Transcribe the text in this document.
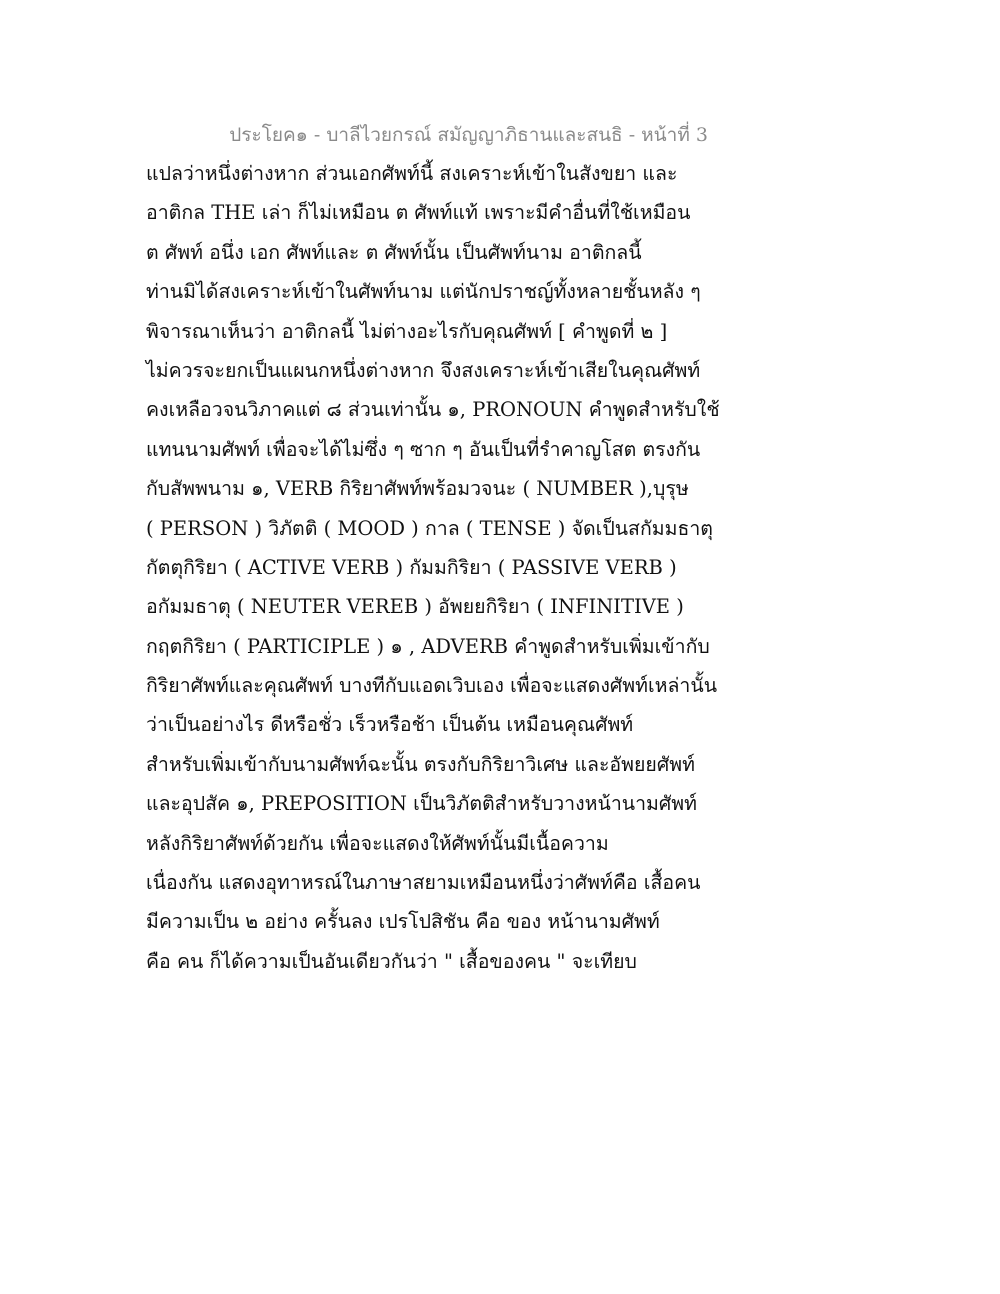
ประโยค๑ - บาลีไวยกรณ์ สมัญญาภิธานและสนธิ - หน้าที่ 3
แปลว่าหนึ่งต่างหาก ส่วนเอกศัพท์นี้ สงเคราะห์เข้าในสังขยา และ
อาติกล THE เล่า ก็ไม่เหมือน ต ศัพท์แท้ เพราะมีคำอื่นที่ใช้เหมือน
ต ศัพท์ อนึ่ง เอก ศัพท์และ ต ศัพท์นั้น เป็นศัพท์นาม อาติกลนี้
ท่านมิได้สงเคราะห์เข้าในศัพท์นาม แต่นักปราชญ์ทั้งหลายชั้นหลัง ๆ
พิจารณาเห็นว่า อาติกลนี้ ไม่ต่างอะไรกับคุณศัพท์ [ คำพูดที่ ๒ ]
ไม่ควรจะยกเป็นแผนกหนึ่งต่างหาก จึงสงเคราะห์เข้าเสียในคุณศัพท์
คงเหลือวจนวิภาคแต่ ๘ ส่วนเท่านั้น ๑, PRONOUN คำพูดสำหรับใช้
แทนนามศัพท์ เพื่อจะได้ไม่ซึ่ง ๆ ซาก ๆ อันเป็นที่รำคาญโสต ตรงกัน
กับสัพพนาม ๑, VERB กิริยาศัพท์พร้อมวจนะ ( NUMBER ),บุรุษ
( PERSON ) วิภัตติ ( MOOD ) กาล ( TENSE ) จัดเป็นสกัมมธาตุ
กัตตุกิริยา ( ACTIVE VERB ) กัมมกิริยา ( PASSIVE VERB )
อกัมมธาตุ ( NEUTER VEREB ) อัพยยกิริยา ( INFINITIVE )
กฤตกิริยา ( PARTICIPLE ) ๑ , ADVERB คำพูดสำหรับเพิ่มเข้ากับ
กิริยาศัพท์และคุณศัพท์ บางทีกับแอดเวิบเอง เพื่อจะแสดงศัพท์เหล่านั้น
ว่าเป็นอย่างไร ดีหรือชั่ว เร็วหรือช้า เป็นต้น เหมือนคุณศัพท์
สำหรับเพิ่มเข้ากับนามศัพท์ฉะนั้น ตรงกับกิริยาวิเศษ และอัพยยศัพท์
และอุปสัค ๑, PREPOSITION เป็นวิภัตติสำหรับวางหน้านามศัพท์
หลังกิริยาศัพท์ด้วยกัน เพื่อจะแสดงให้ศัพท์นั้นมีเนื้อความ
เนื่องกัน แสดงอุทาหรณ์ในภาษาสยามเหมือนหนึ่งว่าศัพท์คือ เสื้อคน
มีความเป็น ๒ อย่าง ครั้นลง เปรโปสิชัน คือ ของ หน้านามศัพท์
คือ คน ก็ได้ความเป็นอันเดียวกันว่า " เสื้อของคน " จะเทียบ
